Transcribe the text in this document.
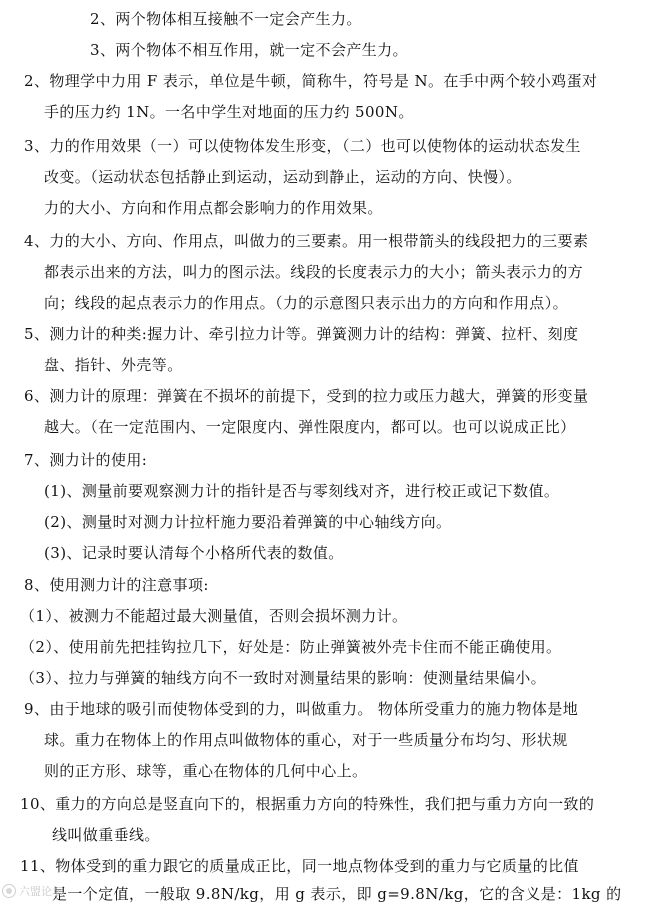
2、两个物体相互接触不一定会产生力。
3、两个物体不相互作用，就一定不会产生力。
2、物理学中力用 F 表示，单位是牛顿，简称牛，符号是 N。在手中两个较小鸡蛋对
手的压力约 1N。一名中学生对地面的压力约 500N。
3、力的作用效果（一）可以使物体发生形变，（二）也可以使物体的运动状态发生
改变。（运动状态包括静止到运动，运动到静止，运动的方向、快慢）。
力的大小、方向和作用点都会影响力的作用效果。
4、力的大小、方向、作用点，叫做力的三要素。用一根带箭头的线段把力的三要素
都表示出来的方法，叫力的图示法。线段的长度表示力的大小；箭头表示力的方
向；线段的起点表示力的作用点。（力的示意图只表示出力的方向和作用点）。
5、测力计的种类:握力计、牵引拉力计等。弹簧测力计的结构：弹簧、拉杆、刻度
盘、指针、外壳等。
6、测力计的原理：弹簧在不损坏的前提下，受到的拉力或压力越大，弹簧的形变量
越大。（在一定范围内、一定限度内、弹性限度内，都可以。也可以说成正比）
7、测力计的使用:
(1)、测量前要观察测力计的指针是否与零刻线对齐，进行校正或记下数值。
(2)、测量时对测力计拉杆施力要沿着弹簧的中心轴线方向。
(3)、记录时要认清每个小格所代表的数值。
8、使用测力计的注意事项:
（1）、被测力不能超过最大测量值，否则会损坏测力计。
（2）、使用前先把挂钩拉几下，好处是：防止弹簧被外壳卡住而不能正确使用。
（3）、拉力与弹簧的轴线方向不一致时对测量结果的影响：使测量结果偏小。
9、由于地球的吸引而使物体受到的力，叫做重力。 物体所受重力的施力物体是地
球。重力在物体上的作用点叫做物体的重心，对于一些质量分布均匀、形状规
则的正方形、球等，重心在物体的几何中心上。
10、重力的方向总是竖直向下的，根据重力方向的特殊性，我们把与重力方向一致的
线叫做重垂线。
11、物体受到的重力跟它的质量成正比，同一地点物体受到的重力与它质量的比值
是一个定值，一般取 9.8N/kg，用 g 表示，即 g=9.8N/kg，它的含义是：1kg 的
六盟论坛
